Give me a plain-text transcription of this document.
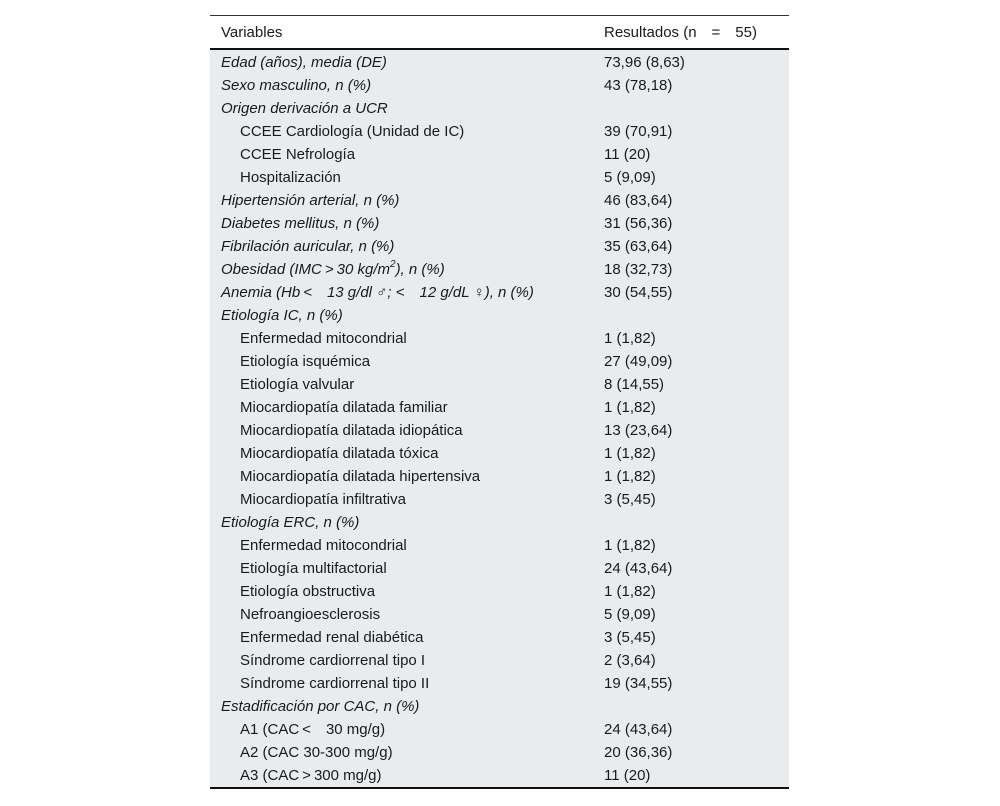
Variables	Resultados (n  =  55)
Edad (años), media (DE)	73,96 (8,63)
Sexo masculino, n (%)	43 (78,18)
Origen derivación a UCR
CCEE Cardiología (Unidad de IC)	39 (70,91)
CCEE Nefrología	11 (20)
Hospitalización	5 (9,09)
Hipertensión arterial, n (%)	46 (83,64)
Diabetes mellitus, n (%)	31 (56,36)
Fibrilación auricular, n (%)	35 (63,64)
Obesidad (IMC > 30 $kg/m^2$), n (%)	18 (32,73)
Anemia (Hb <  13 g/dl ♂; <  12 g/dL ♀), n (%)	30 (54,55)
Etiología IC, n (%)
Enfermedad mitocondrial	1 (1,82)
Etiología isquémica	27 (49,09)
Etiología valvular	8 (14,55)
Miocardiopatía dilatada familiar	1 (1,82)
Miocardiopatía dilatada idiopática	13 (23,64)
Miocardiopatía dilatada tóxica	1 (1,82)
Miocardiopatía dilatada hipertensiva	1 (1,82)
Miocardiopatía infiltrativa	3 (5,45)
Etiología ERC, n (%)
Enfermedad mitocondrial	1 (1,82)
Etiología multifactorial	24 (43,64)
Etiología obstructiva	1 (1,82)
Nefroangioesclerosis	5 (9,09)
Enfermedad renal diabética	3 (5,45)
Síndrome cardiorrenal tipo I	2 (3,64)
Síndrome cardiorrenal tipo II	19 (34,55)
Estadificación por CAC, n (%)
A1 (CAC <  30 mg/g)	24 (43,64)
A2 (CAC 30-300 mg/g)	20 (36,36)
A3 (CAC > 300 mg/g)	11 (20)
